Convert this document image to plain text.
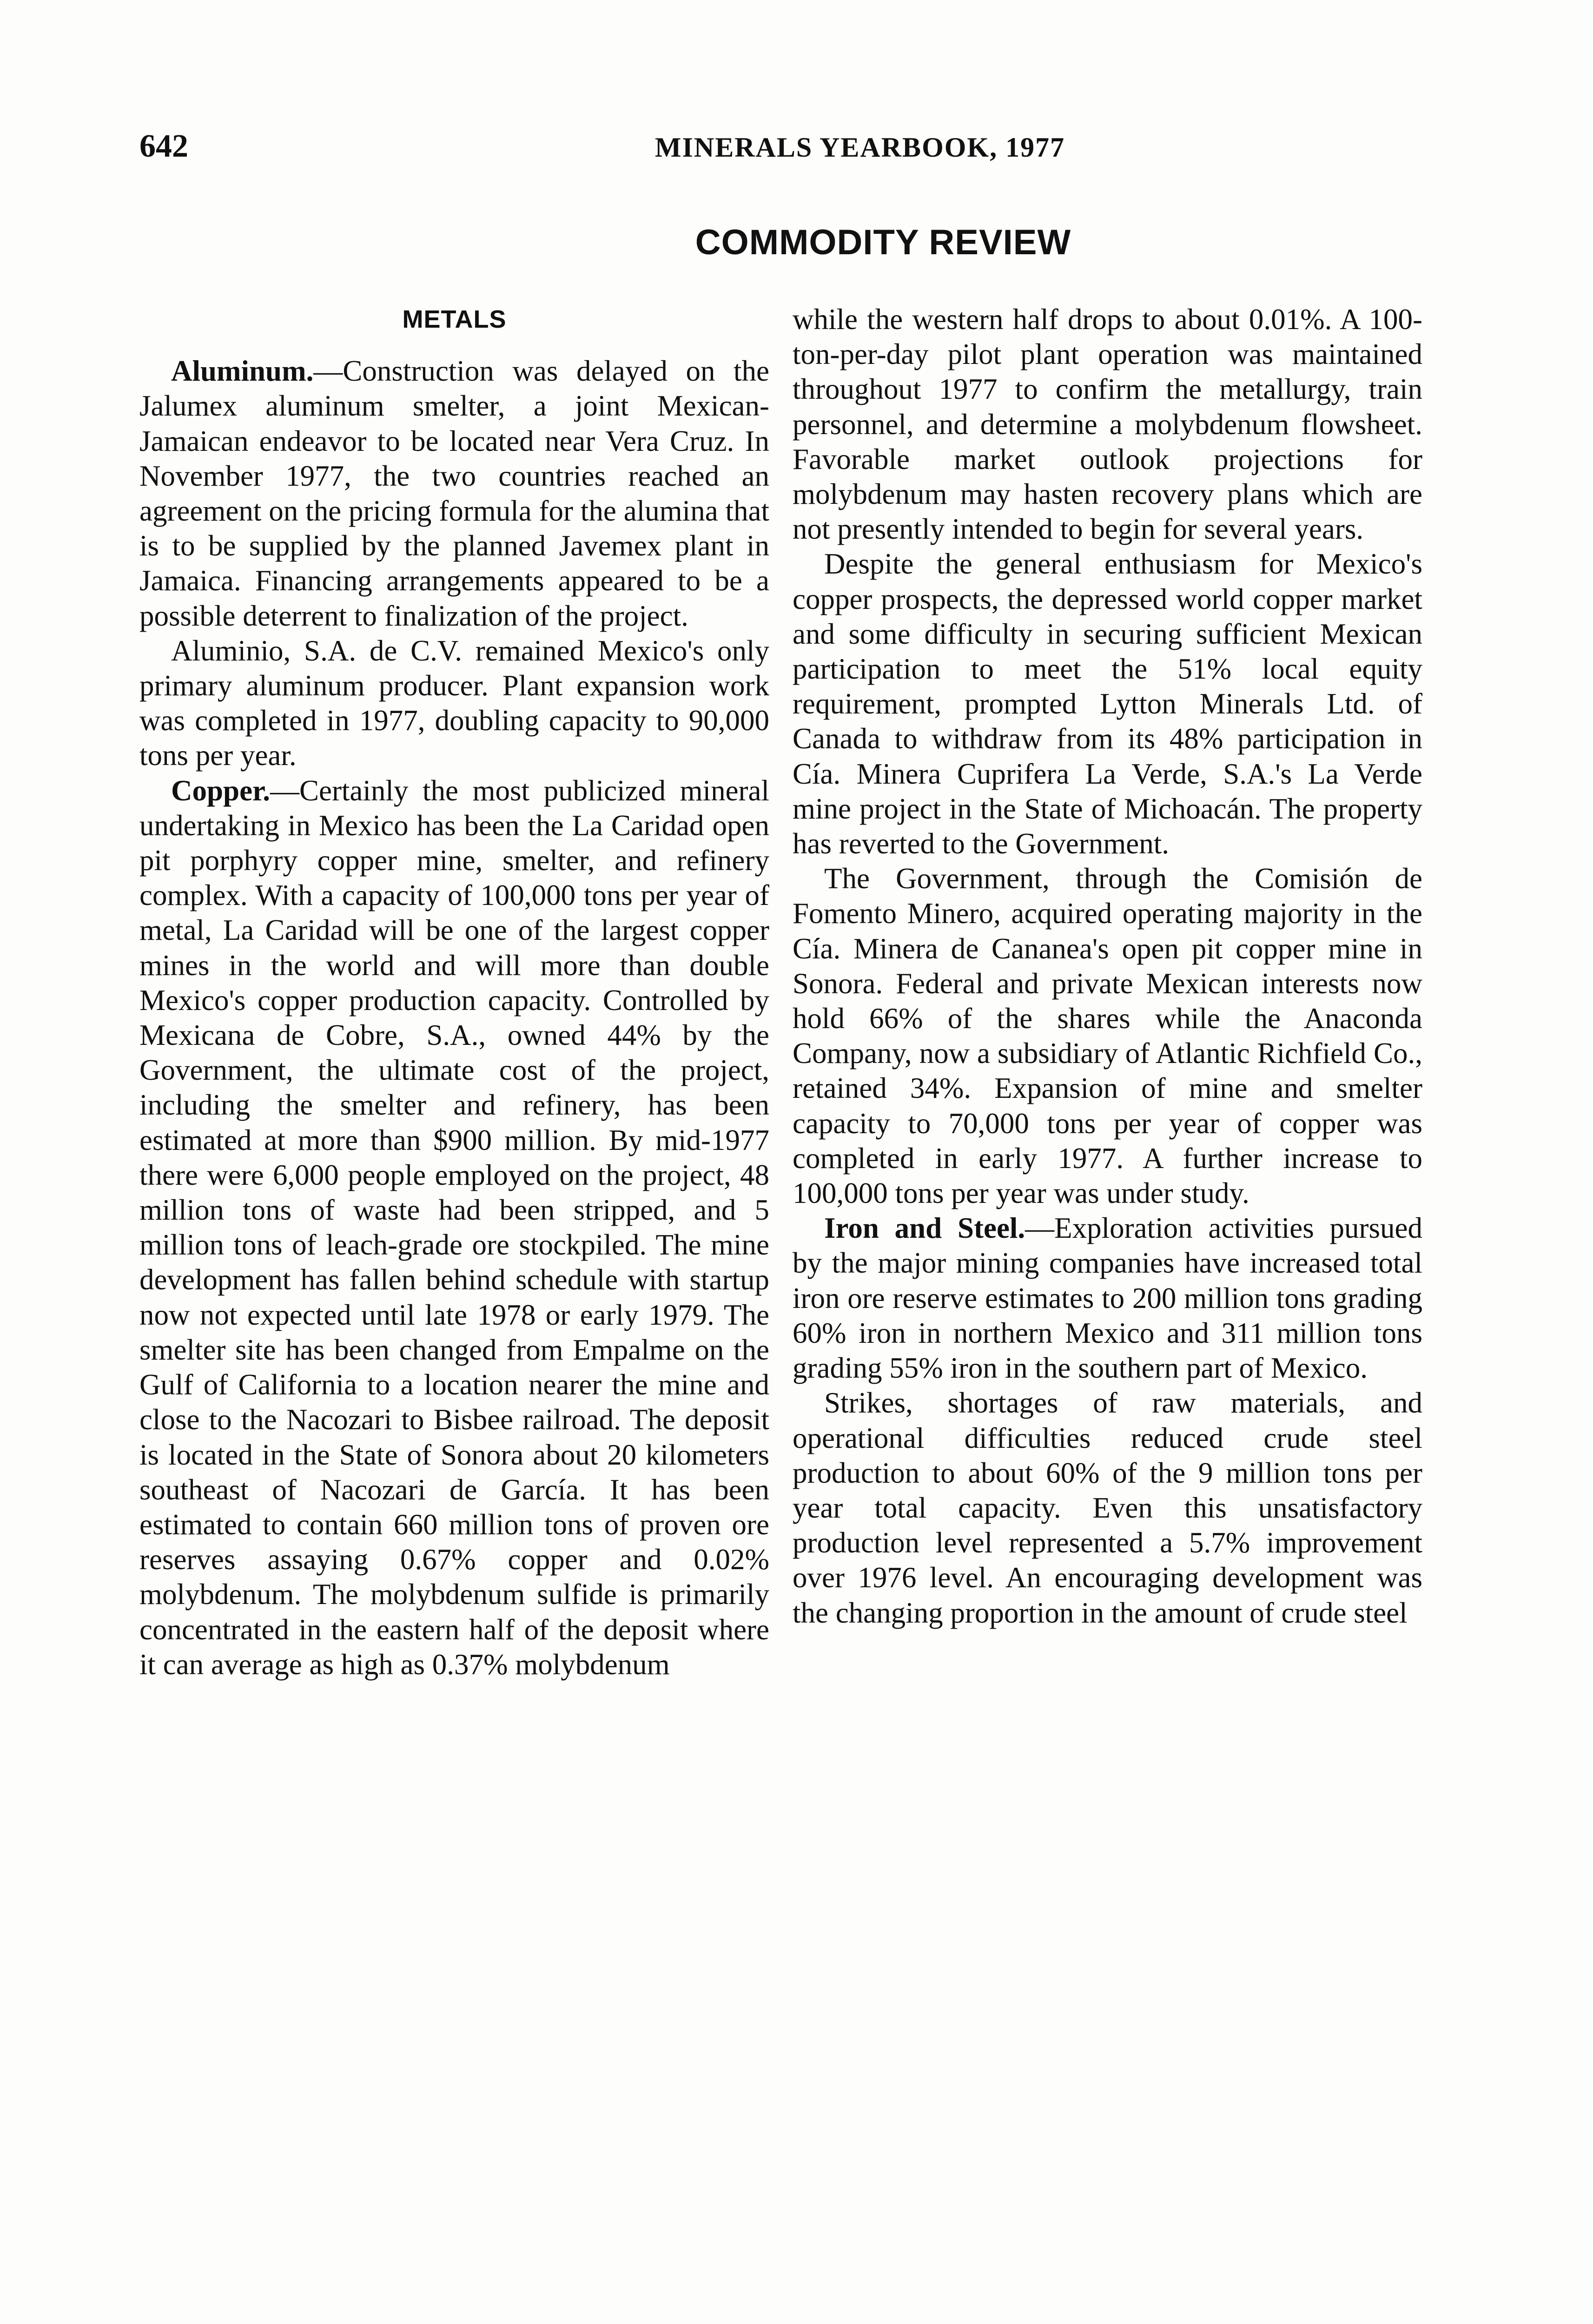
642	MINERALS YEARBOOK, 1977
COMMODITY REVIEW
METALS

Aluminum.—Construction was delayed on the Jalumex aluminum smelter, a joint Mexican-Jamaican endeavor to be located near Vera Cruz. In November 1977, the two countries reached an agreement on the pricing formula for the alumina that is to be supplied by the planned Javemex plant in Jamaica. Financing arrangements appeared to be a possible deterrent to finalization of the project.

Aluminio, S.A. de C.V. remained Mexico's only primary aluminum producer. Plant expansion work was completed in 1977, doubling capacity to 90,000 tons per year.

Copper.—Certainly the most publicized mineral undertaking in Mexico has been the La Caridad open pit porphyry copper mine, smelter, and refinery complex. With a capacity of 100,000 tons per year of metal, La Caridad will be one of the largest copper mines in the world and will more than double Mexico's copper production capacity. Controlled by Mexicana de Cobre, S.A., owned 44% by the Government, the ultimate cost of the project, including the smelter and refinery, has been estimated at more than $900 million. By mid-1977 there were 6,000 people employed on the project, 48 million tons of waste had been stripped, and 5 million tons of leach-grade ore stockpiled. The mine development has fallen behind schedule with startup now not expected until late 1978 or early 1979. The smelter site has been changed from Empalme on the Gulf of California to a location nearer the mine and close to the Nacozari to Bisbee railroad. The deposit is located in the State of Sonora about 20 kilometers southeast of Nacozari de García. It has been estimated to contain 660 million tons of proven ore reserves assaying 0.67% copper and 0.02% molybdenum. The molybdenum sulfide is primarily concentrated in the eastern half of the deposit where it can average as high as 0.37% molybdenum

while the western half drops to about 0.01%. A 100-ton-per-day pilot plant operation was maintained throughout 1977 to confirm the metallurgy, train personnel, and determine a molybdenum flowsheet. Favorable market outlook projections for molybdenum may hasten recovery plans which are not presently intended to begin for several years.

Despite the general enthusiasm for Mexico's copper prospects, the depressed world copper market and some difficulty in securing sufficient Mexican participation to meet the 51% local equity requirement, prompted Lytton Minerals Ltd. of Canada to withdraw from its 48% participation in Cía. Minera Cuprifera La Verde, S.A.'s La Verde mine project in the State of Michoacán. The property has reverted to the Government.

The Government, through the Comisión de Fomento Minero, acquired operating majority in the Cía. Minera de Cananea's open pit copper mine in Sonora. Federal and private Mexican interests now hold 66% of the shares while the Anaconda Company, now a subsidiary of Atlantic Richfield Co., retained 34%. Expansion of mine and smelter capacity to 70,000 tons per year of copper was completed in early 1977. A further increase to 100,000 tons per year was under study.

Iron and Steel.—Exploration activities pursued by the major mining companies have increased total iron ore reserve estimates to 200 million tons grading 60% iron in northern Mexico and 311 million tons grading 55% iron in the southern part of Mexico.

Strikes, shortages of raw materials, and operational difficulties reduced crude steel production to about 60% of the 9 million tons per year total capacity. Even this unsatisfactory production level represented a 5.7% improvement over 1976 level. An encouraging development was the changing proportion in the amount of crude steel
